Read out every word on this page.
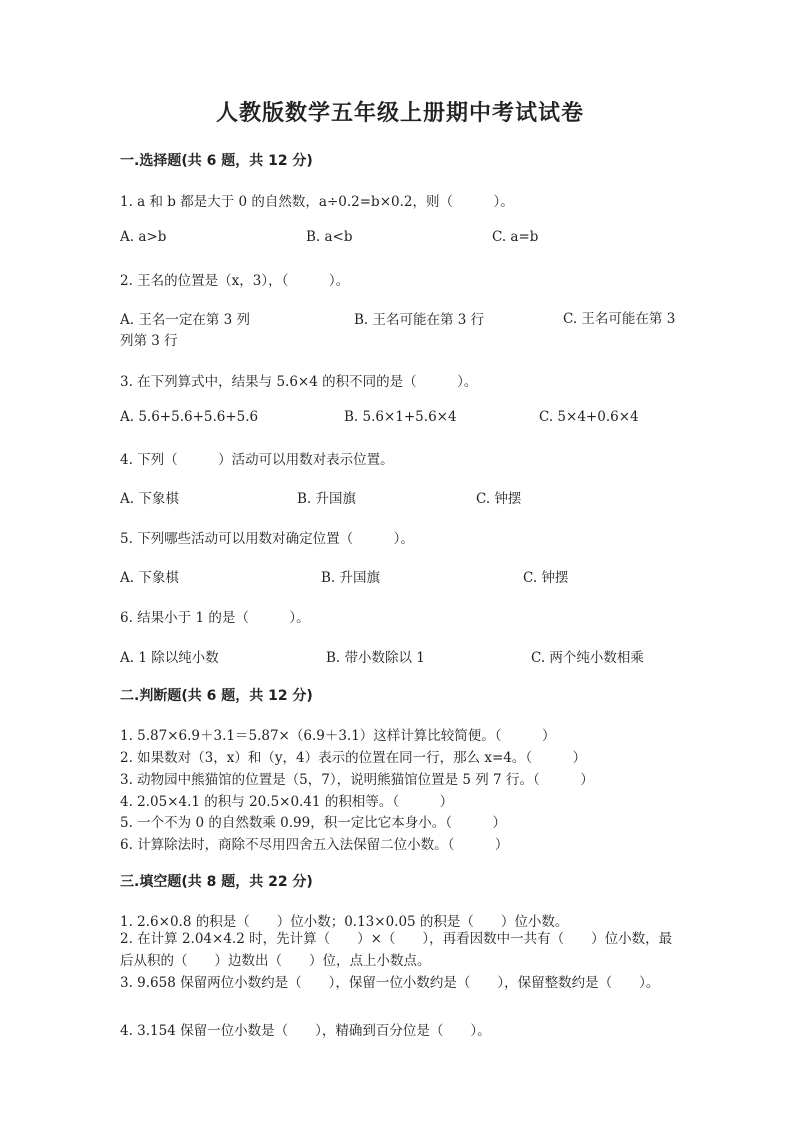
人教版数学五年级上册期中考试试卷
一.选择题(共 6 题，共 12 分)
1. a 和 b 都是大于 0 的自然数，a÷0.2=b×0.2，则（　　　）。
A. a>b	B. a<b	C. a=b
2. 王名的位置是（x，3），（　　　）。
A. 王名一定在第 3 列	B. 王名可能在第 3 行	C. 王名可能在第 3 列第 3 行
3. 在下列算式中，结果与 5.6×4 的积不同的是（　　　）。
A. 5.6+5.6+5.6+5.6	B. 5.6×1+5.6×4	C. 5×4+0.6×4
4. 下列（　　　）活动可以用数对表示位置。
A. 下象棋	B. 升国旗	C. 钟摆
5. 下列哪些活动可以用数对确定位置（　　　）。
A. 下象棋	B. 升国旗	C. 钟摆
6. 结果小于 1 的是（　　　）。
A. 1 除以纯小数	B. 带小数除以 1	C. 两个纯小数相乘
二.判断题(共 6 题，共 12 分)
1. 5.87×6.9＋3.1＝5.87×（6.9＋3.1）这样计算比较简便。（　　　）
2. 如果数对（3，x）和（y，4）表示的位置在同一行，那么 x=4。（　　　）
3. 动物园中熊猫馆的位置是（5，7），说明熊猫馆位置是 5 列 7 行。（　　　）
4. 2.05×4.1 的积与 20.5×0.41 的积相等。（　　　）
5. 一个不为 0 的自然数乘 0.99，积一定比它本身小。（　　　）
6. 计算除法时，商除不尽用四舍五入法保留二位小数。（　　　）
三.填空题(共 8 题，共 22 分)
1. 2.6×0.8 的积是（　　）位小数；0.13×0.05 的积是（　　）位小数。
2. 在计算 2.04×4.2 时，先计算（　　）×（　　），再看因数中一共有（　　）位小数，最后从积的（　　）边数出（　　）位，点上小数点。
3. 9.658 保留两位小数约是（　　），保留一位小数约是（　　），保留整数约是（　　）。
4. 3.154 保留一位小数是（　　），精确到百分位是（　　）。
